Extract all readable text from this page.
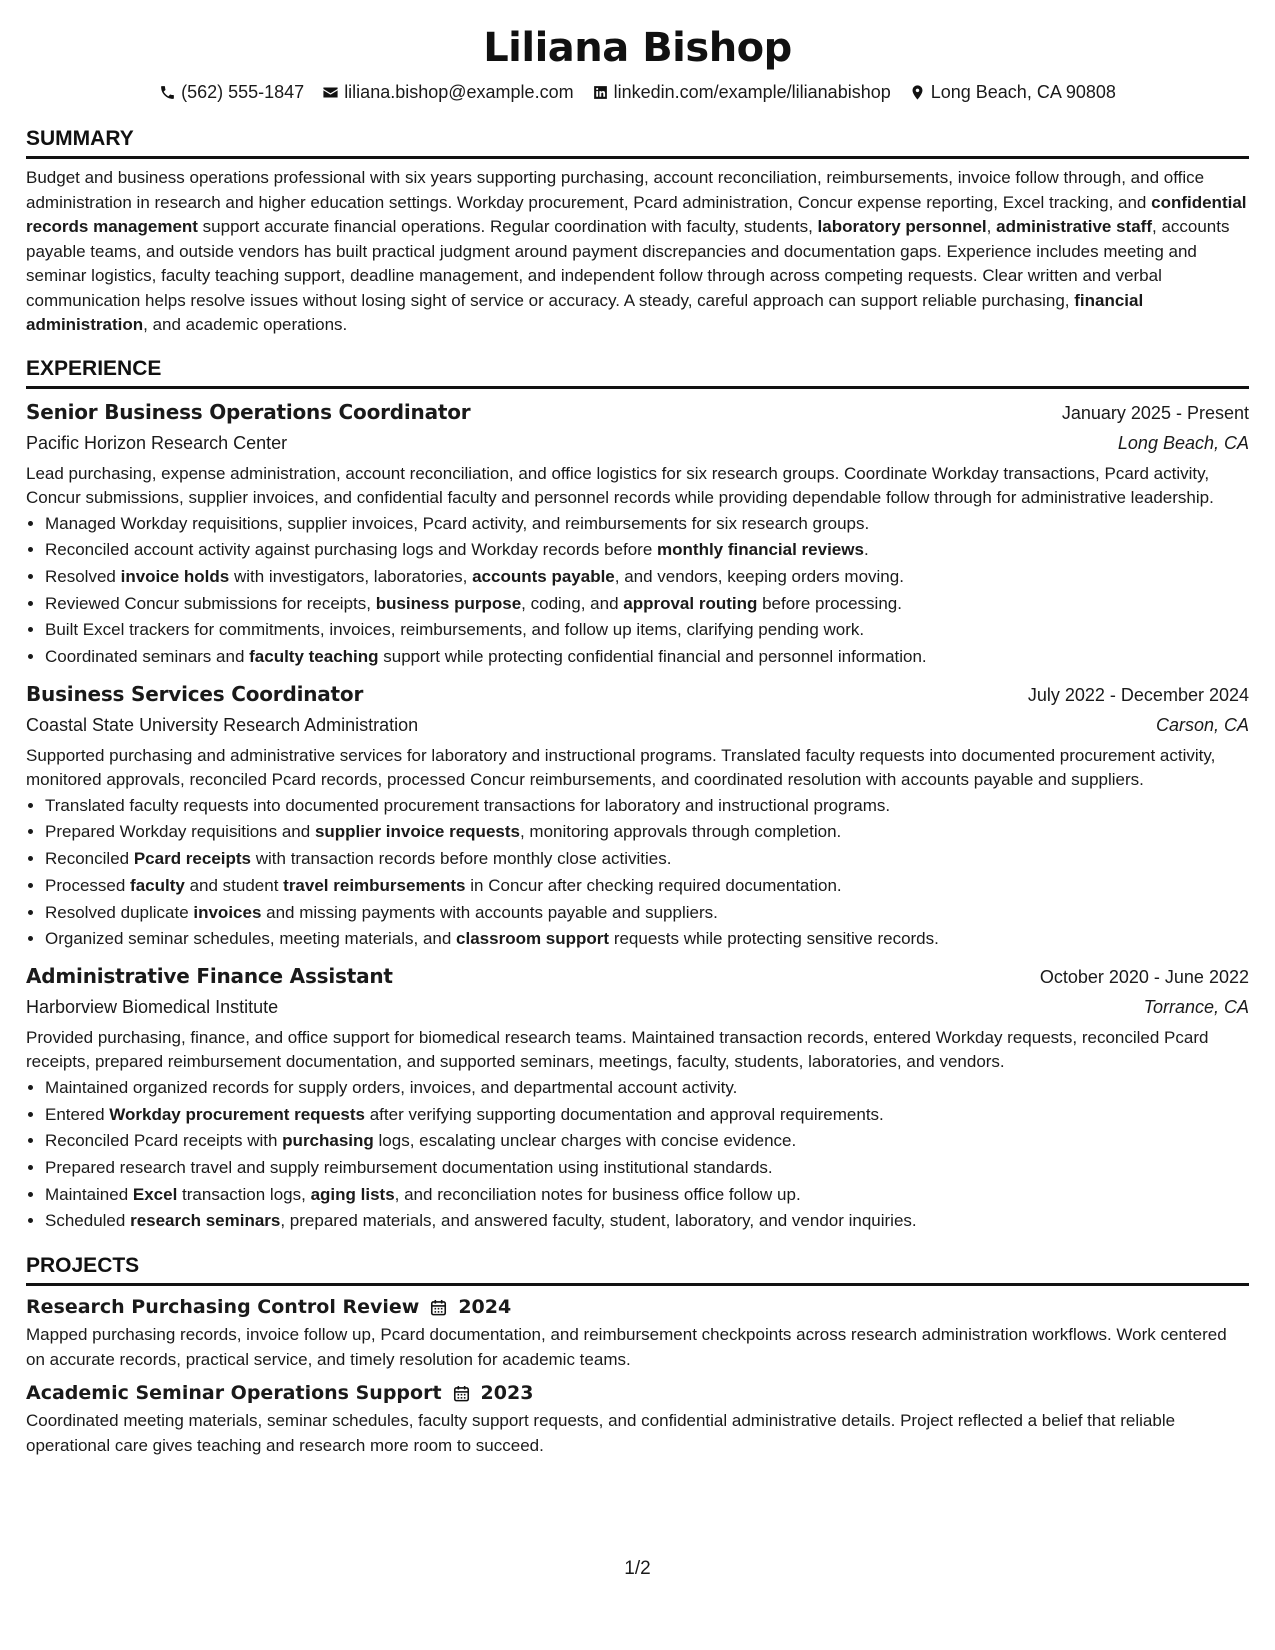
Liliana Bishop
(562) 555-1847 liliana.bishop@example.com linkedin.com/example/lilianabishop Long Beach, CA 90808
SUMMARY

Budget and business operations professional with six years supporting purchasing, account reconciliation, reimbursements, invoice follow through, and office administration in research and higher education settings. Workday procurement, Pcard administration, Concur expense reporting, Excel tracking, and confidential records management support accurate financial operations. Regular coordination with faculty, students, laboratory personnel, administrative staff, accounts payable teams, and outside vendors has built practical judgment around payment discrepancies and documentation gaps. Experience includes meeting and seminar logistics, faculty teaching support, deadline management, and independent follow through across competing requests. Clear written and verbal communication helps resolve issues without losing sight of service or accuracy. A steady, careful approach can support reliable purchasing, financial administration, and academic operations.

EXPERIENCE
Senior Business Operations Coordinator	January 2025 - Present
Pacific Horizon Research Center	Long Beach, CA

Lead purchasing, expense administration, account reconciliation, and office logistics for six research groups. Coordinate Workday transactions, Pcard activity, Concur submissions, supplier invoices, and confidential faculty and personnel records while providing dependable follow through for administrative leadership.

• Managed Workday requisitions, supplier invoices, Pcard activity, and reimbursements for six research groups.
• Reconciled account activity against purchasing logs and Workday records before monthly financial reviews.
• Resolved invoice holds with investigators, laboratories, accounts payable, and vendors, keeping orders moving.
• Reviewed Concur submissions for receipts, business purpose, coding, and approval routing before processing.
• Built Excel trackers for commitments, invoices, reimbursements, and follow up items, clarifying pending work.
• Coordinated seminars and faculty teaching support while protecting confidential financial and personnel information.
Business Services Coordinator	July 2022 - December 2024
Coastal State University Research Administration	Carson, CA

Supported purchasing and administrative services for laboratory and instructional programs. Translated faculty requests into documented procurement activity, monitored approvals, reconciled Pcard records, processed Concur reimbursements, and coordinated resolution with accounts payable and suppliers.

• Translated faculty requests into documented procurement transactions for laboratory and instructional programs.
• Prepared Workday requisitions and supplier invoice requests, monitoring approvals through completion.
• Reconciled Pcard receipts with transaction records before monthly close activities.
• Processed faculty and student travel reimbursements in Concur after checking required documentation.
• Resolved duplicate invoices and missing payments with accounts payable and suppliers.
• Organized seminar schedules, meeting materials, and classroom support requests while protecting sensitive records.
Administrative Finance Assistant	October 2020 - June 2022
Harborview Biomedical Institute	Torrance, CA

Provided purchasing, finance, and office support for biomedical research teams. Maintained transaction records, entered Workday requests, reconciled Pcard receipts, prepared reimbursement documentation, and supported seminars, meetings, faculty, students, laboratories, and vendors.

• Maintained organized records for supply orders, invoices, and departmental account activity.
• Entered Workday procurement requests after verifying supporting documentation and approval requirements.
• Reconciled Pcard receipts with purchasing logs, escalating unclear charges with concise evidence.
• Prepared research travel and supply reimbursement documentation using institutional standards.
• Maintained Excel transaction logs, aging lists, and reconciliation notes for business office follow up.
• Scheduled research seminars, prepared materials, and answered faculty, student, laboratory, and vendor inquiries.
PROJECTS
Research Purchasing Control Review 2024

Mapped purchasing records, invoice follow up, Pcard documentation, and reimbursement checkpoints across research administration workflows. Work centered on accurate records, practical service, and timely resolution for academic teams.

Academic Seminar Operations Support 2023

Coordinated meeting materials, seminar schedules, faculty support requests, and confidential administrative details. Project reflected a belief that reliable operational care gives teaching and research more room to succeed.

1/2
